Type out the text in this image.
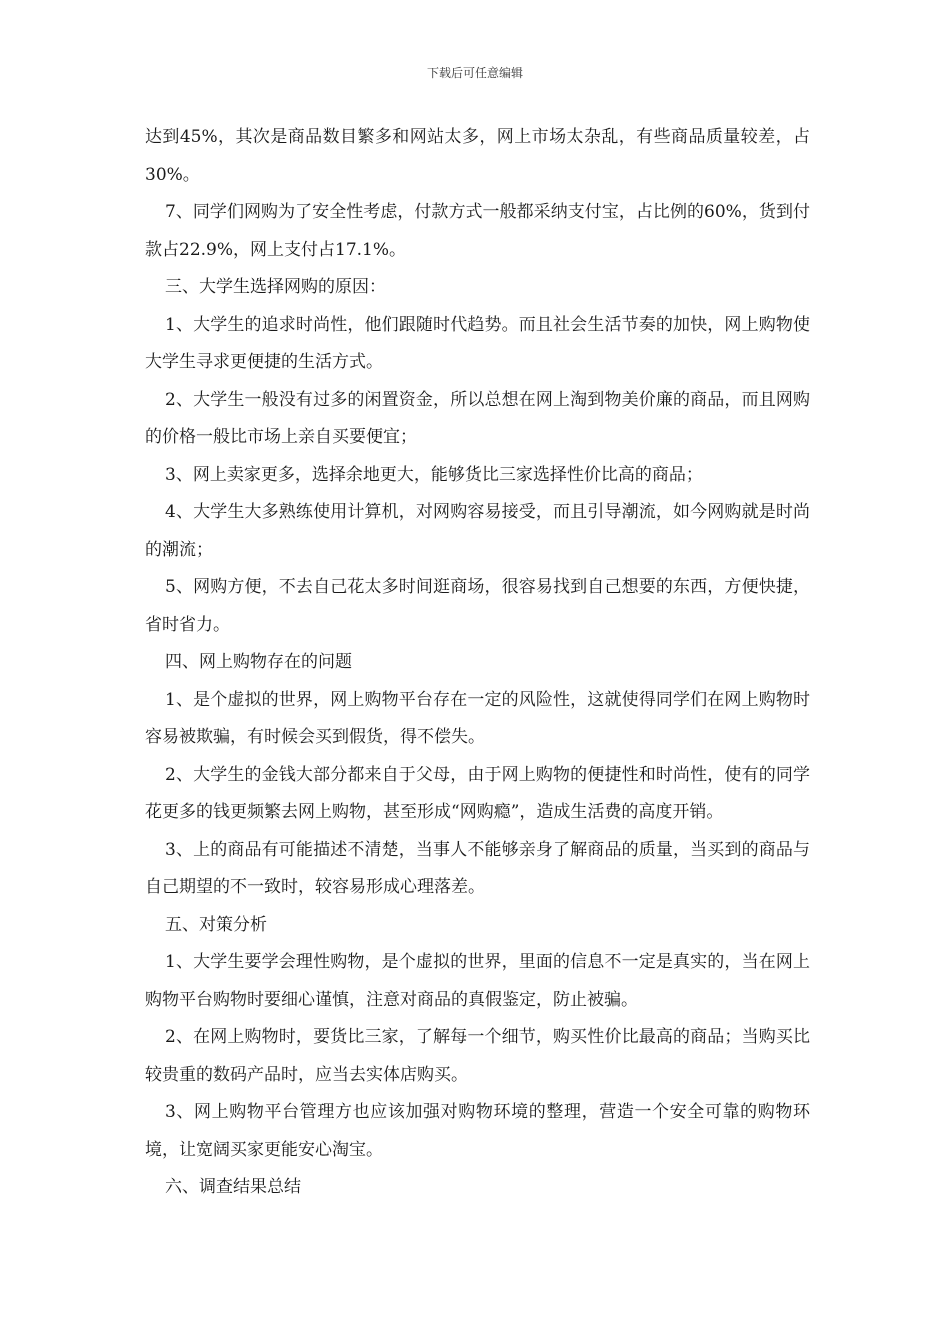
下载后可任意编辑

达到45%，其次是商品数目繁多和网站太多，网上市场太杂乱，有些商品质量较差，占30%。

7、同学们网购为了安全性考虑，付款方式一般都采纳支付宝，占比例的60%，货到付款占22.9%，网上支付占17.1%。

三、大学生选择网购的原因：

1、大学生的追求时尚性，他们跟随时代趋势。而且社会生活节奏的加快，网上购物使大学生寻求更便捷的生活方式。

2、大学生一般没有过多的闲置资金，所以总想在网上淘到物美价廉的商品，而且网购的价格一般比市场上亲自买要便宜；

3、网上卖家更多，选择余地更大，能够货比三家选择性价比高的商品；

4、大学生大多熟练使用计算机，对网购容易接受，而且引导潮流，如今网购就是时尚的潮流；

5、网购方便，不去自己花太多时间逛商场，很容易找到自己想要的东西，方便快捷，省时省力。

四、网上购物存在的问题

1、是个虚拟的世界，网上购物平台存在一定的风险性，这就使得同学们在网上购物时容易被欺骗，有时候会买到假货，得不偿失。

2、大学生的金钱大部分都来自于父母，由于网上购物的便捷性和时尚性，使有的同学花更多的钱更频繁去网上购物，甚至形成“网购瘾”，造成生活费的高度开销。

3、上的商品有可能描述不清楚，当事人不能够亲身了解商品的质量，当买到的商品与自己期望的不一致时，较容易形成心理落差。

五、对策分析

1、大学生要学会理性购物，是个虚拟的世界，里面的信息不一定是真实的，当在网上购物平台购物时要细心谨慎，注意对商品的真假鉴定，防止被骗。

2、在网上购物时，要货比三家，了解每一个细节，购买性价比最高的商品；当购买比较贵重的数码产品时，应当去实体店购买。

3、网上购物平台管理方也应该加强对购物环境的整理，营造一个安全可靠的购物环境，让宽阔买家更能安心淘宝。

六、调查结果总结
